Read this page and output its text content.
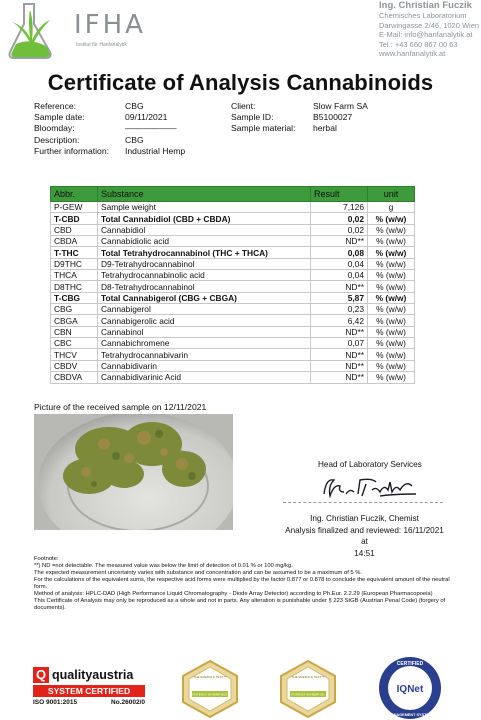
IFHA
Institut für Hanfanalytik
Ing. Christian Fuczik
Chemisches Laboratorium
Darwingasse 2/46, 1020 Wien
E-Mail: info@hanfanalytik.at
Tel.: +43 660 867 00 63
www.hanfanalytik.at
Certificate of Analysis Cannabinoids
Reference:	CBG
Sample date:	09/11/2021
Bloomday:	——————
Description:	CBG
Further information:	Industrial Hemp
Client:	Slow Farm SA
Sample ID:	B5100027
Sample material:	herbal
Abbr.	Substance	Result	unit
P-GEW	Sample weight	7,126	g
T-CBD	Total Cannabidiol (CBD + CBDA)	0,02	% (w/w)
CBD	Cannabidiol	0,02	% (w/w)
CBDA	Cannabidiolic acid	ND**	% (w/w)
T-THC	Total Tetrahydrocannabinol (THC + THCA)	0,08	% (w/w)
D9THC	D9-Tetrahydrocannabinol	0,04	% (w/w)
THCA	Tetrahydrocannabinolic acid	0,04	% (w/w)
D8THC	D8-Tetrahydrocannabinol	ND**	% (w/w)
T-CBG	Total Cannabigerol (CBG + CBGA)	5,87	% (w/w)
CBG	Cannabigerol	0,23	% (w/w)
CBGA	Cannabigerolic acid	6,42	% (w/w)
CBN	Cannabinol	ND**	% (w/w)
CBC	Cannabichromene	0,07	% (w/w)
THCV	Tetrahydrocannabivarin	ND**	% (w/w)
CBDV	Cannabidivarin	ND**	% (w/w)
CBDVA	Cannabidivarinic Acid	ND**	% (w/w)
Picture of the received sample on 12/11/2021
Head of Laboratory Services
Ing. Christian Fuczik, Chemist
Analysis finalized and reviewed: 16/11/2021 at
14:51
Footnote:
**) ND =not detectable. The measured value was below the limit of detection of 0.01 % or 100 mg/kg.
The expected measurement uncertainty varies with substance and concentration and can be assumed to be a maximum of 5 %.
For the calculations of the equivalent sums, the respective acid forms were multiplied by the factor 0.877 or 0.878 to conclude the equivalent amount of the neutral form.
Method of analysis: HPLC-DAD (High Performance Liquid Chromatography - Diode Array Detector) according to Ph.Eur. 2.2.29 (European Pharmacopoeia)
This Certificate of Analysis may only be reproduced as a whole and not in parts. Any alteration is punishable under § 223 StGB (Austrian Penal Code) (forgery of documents).
Q qualityaustria
SYSTEM CERTIFIED
ISO 9001:2015	No.26002/0
THE EMERALD TEST™
POTENCY IN HEMP BUD
THE EMERALD TEST™
POTENCY IN HEMP OIL
CERTIFIED
IQNet
MANAGEMENT SYSTEM
